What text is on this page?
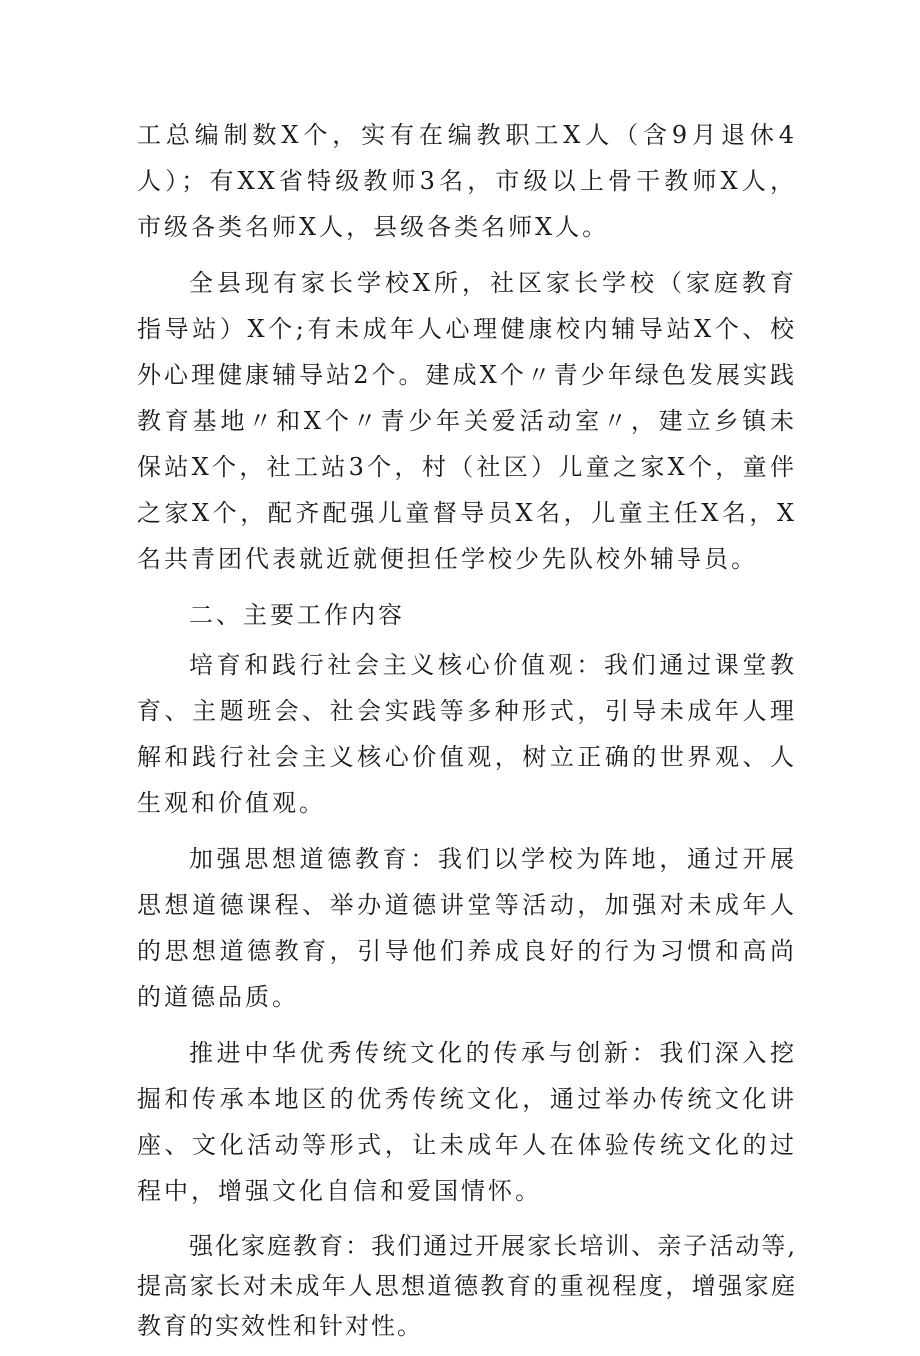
工总编制数X个，实有在编教职工X人（含9月退休4人）；有XX省特级教师3名，市级以上骨干教师X人，市级各类名师X人，县级各类名师X人。

全县现有家长学校X所，社区家长学校（家庭教育指导站）X个;有未成年人心理健康校内辅导站X个、校外心理健康辅导站2个。建成X个〃青少年绿色发展实践教育基地〃和X个〃青少年关爱活动室〃，建立乡镇未保站X个，社工站3个，村（社区）儿童之家X个，童伴之家X个，配齐配强儿童督导员X名，儿童主任X名，X名共青团代表就近就便担任学校少先队校外辅导员。

二、主要工作内容

培育和践行社会主义核心价值观：我们通过课堂教育、主题班会、社会实践等多种形式，引导未成年人理解和践行社会主义核心价值观，树立正确的世界观、人生观和价值观。

加强思想道德教育：我们以学校为阵地，通过开展思想道德课程、举办道德讲堂等活动，加强对未成年人的思想道德教育，引导他们养成良好的行为习惯和高尚的道德品质。

推进中华优秀传统文化的传承与创新：我们深入挖掘和传承本地区的优秀传统文化，通过举办传统文化讲座、文化活动等形式，让未成年人在体验传统文化的过程中，增强文化自信和爱国情怀。

强化家庭教育：我们通过开展家长培训、亲子活动等,提高家长对未成年人思想道德教育的重视程度，增强家庭教育的实效性和针对性。
